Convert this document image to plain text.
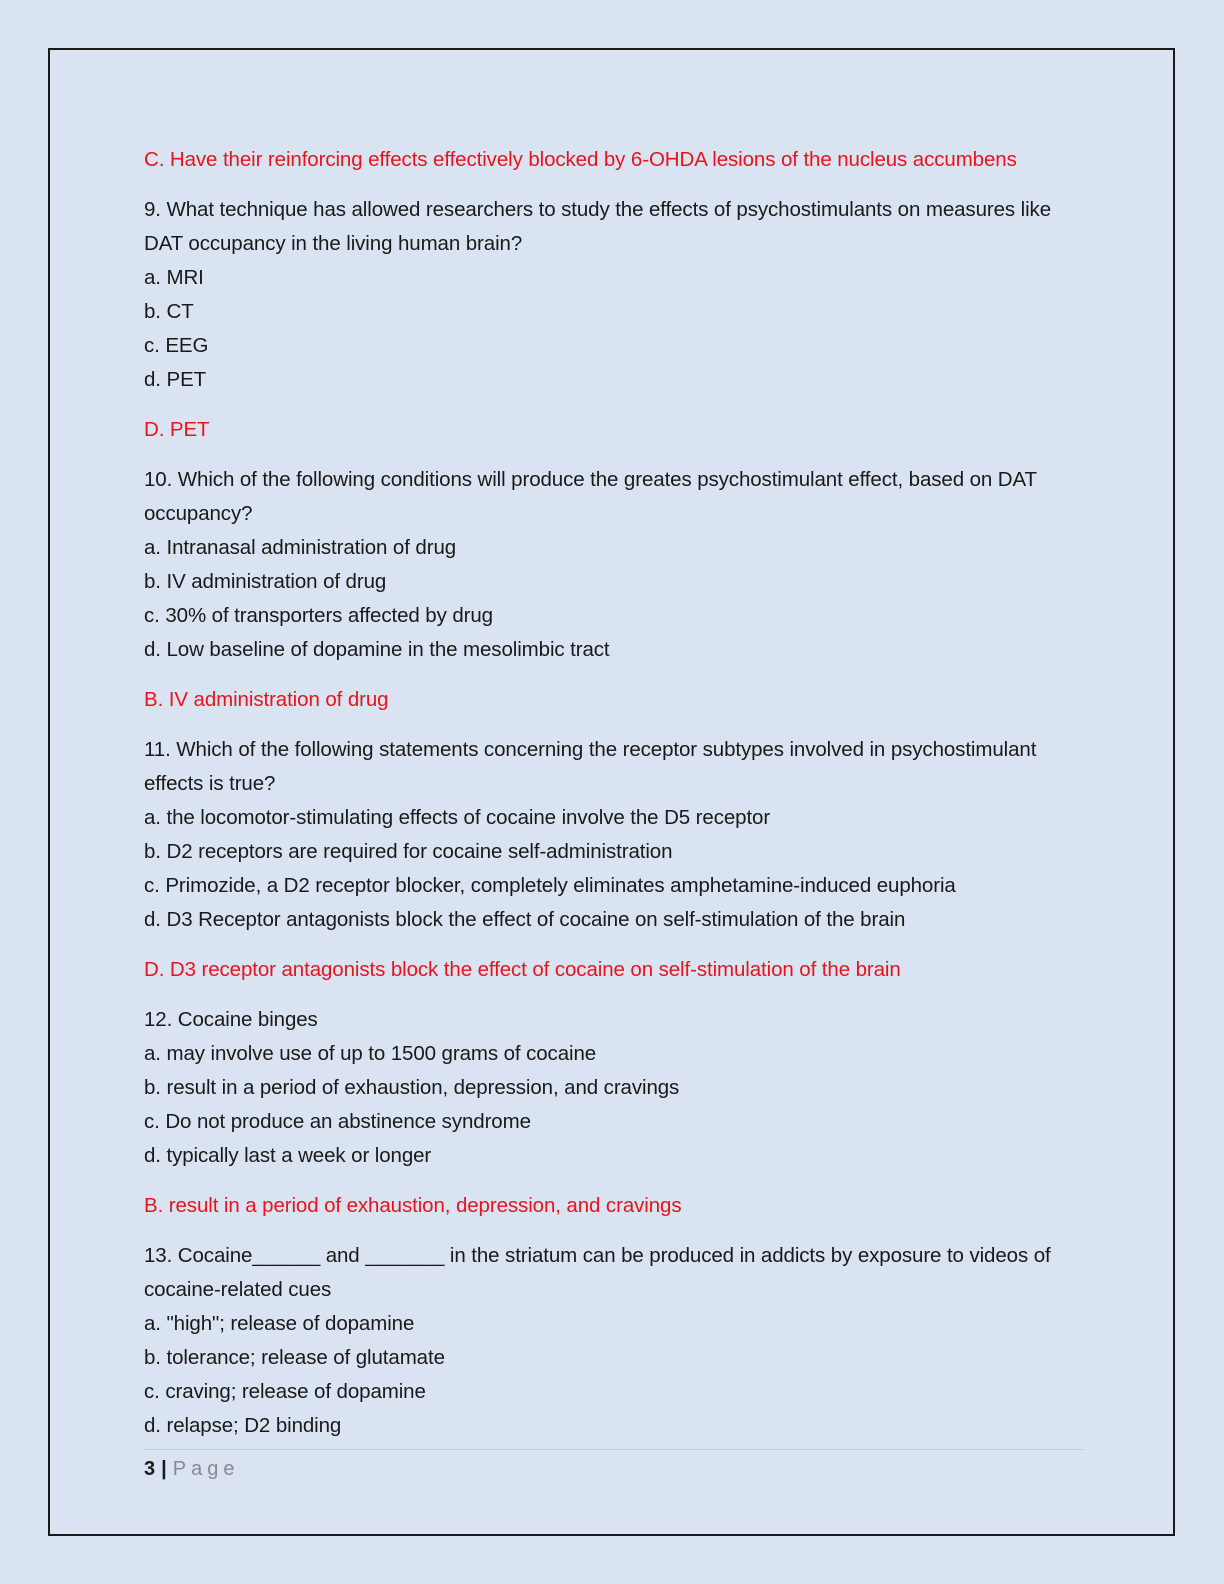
C. Have their reinforcing effects effectively blocked by 6-OHDA lesions of the nucleus accumbens
9. What technique has allowed researchers to study the effects of psychostimulants on measures like DAT occupancy in the living human brain?
a. MRI
b. CT
c. EEG
d. PET
D. PET
10. Which of the following conditions will produce the greates psychostimulant effect, based on DAT occupancy?
a. Intranasal administration of drug
b. IV administration of drug
c. 30% of transporters affected by drug
d. Low baseline of dopamine in the mesolimbic tract
B. IV administration of drug
11. Which of the following statements concerning the receptor subtypes involved in psychostimulant effects is true?
a. the locomotor-stimulating effects of cocaine involve the D5 receptor
b. D2 receptors are required for cocaine self-administration
c. Primozide, a D2 receptor blocker, completely eliminates amphetamine-induced euphoria
d. D3 Receptor antagonists block the effect of cocaine on self-stimulation of the brain
D. D3 receptor antagonists block the effect of cocaine on self-stimulation of the brain
12. Cocaine binges
a. may involve use of up to 1500 grams of cocaine
b. result in a period of exhaustion, depression, and cravings
c. Do not produce an abstinence syndrome
d. typically last a week or longer
B. result in a period of exhaustion, depression, and cravings
13. Cocaine______ and _______ in the striatum can be produced in addicts by exposure to videos of cocaine-related cues
a. "high"; release of dopamine
b. tolerance; release of glutamate
c. craving; release of dopamine
d. relapse; D2 binding
3 | Page
